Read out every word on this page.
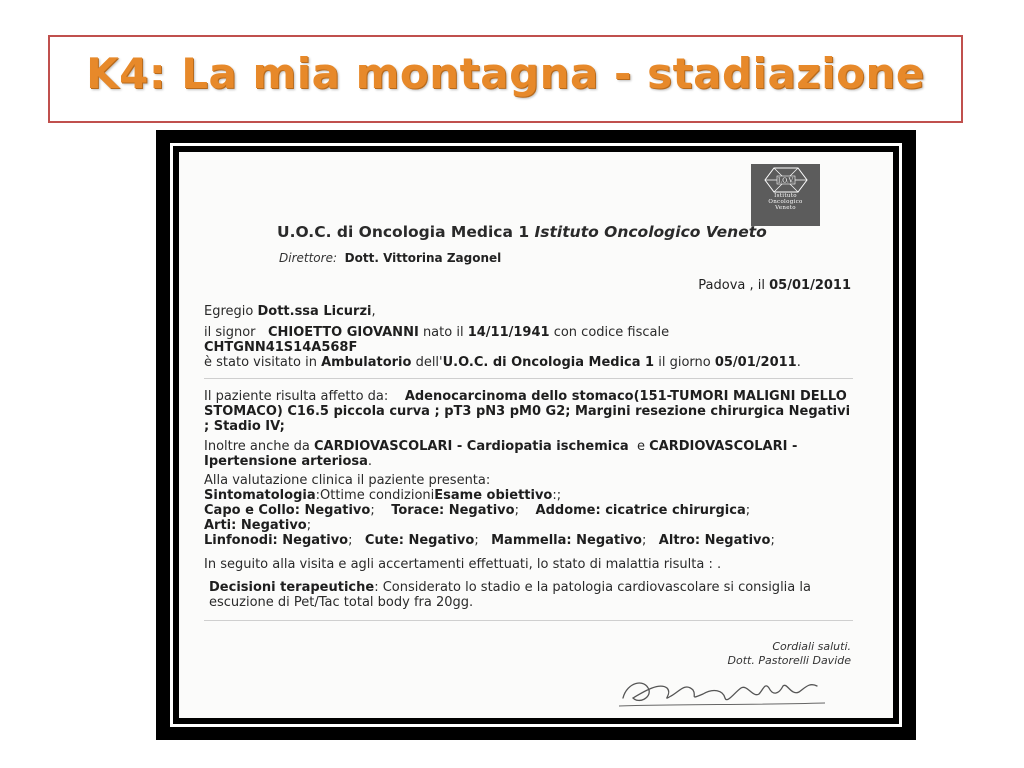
K4: La mia montagna - stadiazione
I.O.V.
Istituto
Oncologico
Veneto
U.O.C. di Oncologia Medica 1 Istituto Oncologico Veneto
Direttore: Dott. Vittorina Zagonel
Padova , il 05/01/2011
Egregio Dott.ssa Licurzi,
il signor CHIOETTO GIOVANNI nato il 14/11/1941 con codice fiscale
CHTGNN41S14A568F
è stato visitato in Ambulatorio dell'U.O.C. di Oncologia Medica 1 il giorno 05/01/2011.
Il paziente risulta affetto da: Adenocarcinoma dello stomaco(151-TUMORI MALIGNI DELLO STOMACO) C16.5 piccola curva ; pT3 pN3 pM0 G2; Margini resezione chirurgica Negativi ; Stadio IV;
Inoltre anche da CARDIOVASCOLARI - Cardiopatia ischemica e CARDIOVASCOLARI - Ipertensione arteriosa.
Alla valutazione clinica il paziente presenta:
Sintomatologia:Ottime condizioniEsame obiettivo:;
Capo e Collo: Negativo; Torace: Negativo; Addome: cicatrice chirurgica;
Arti: Negativo;
Linfonodi: Negativo; Cute: Negativo; Mammella: Negativo; Altro: Negativo;
In seguito alla visita e agli accertamenti effettuati, lo stato di malattia risulta : .
Decisioni terapeutiche: Considerato lo stadio e la patologia cardiovascolare si consiglia la escuzione di Pet/Tac total body fra 20gg.
Cordiali saluti.
Dott. Pastorelli Davide
